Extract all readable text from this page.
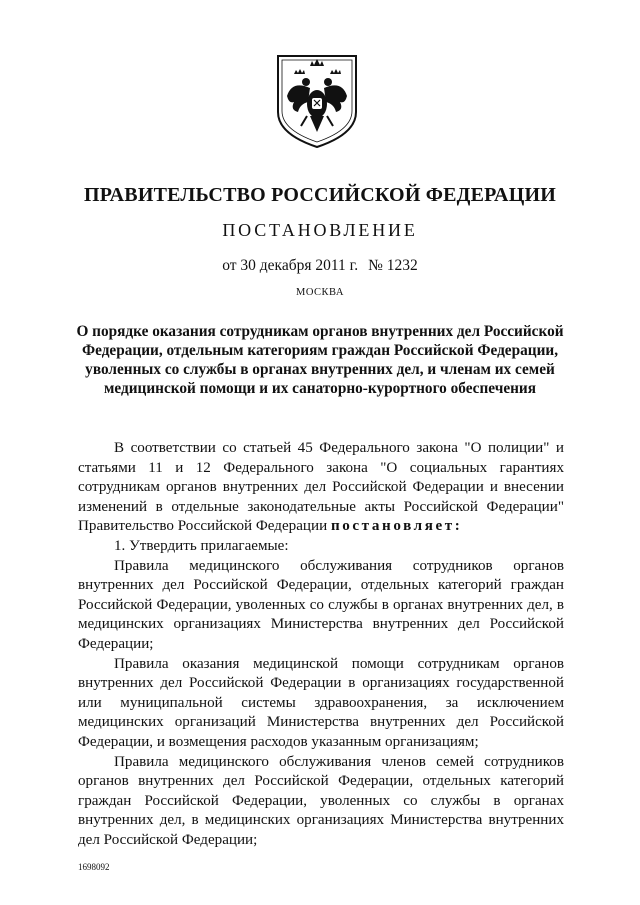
ПРАВИТЕЛЬСТВО РОССИЙСКОЙ ФЕДЕРАЦИИ
ПОСТАНОВЛЕНИЕ
от 30 декабря 2011 г. № 1232
МОСКВА
О порядке оказания сотрудникам органов внутренних дел Российской
Федерации, отдельным категориям граждан Российской Федерации,
уволенных со службы в органах внутренних дел, и членам их семей
медицинской помощи и их санаторно-курортного обеспечения

В соответствии со статьей 45 Федерального закона "О полиции" и статьями 11 и 12 Федерального закона "О социальных гарантиях сотрудникам органов внутренних дел Российской Федерации и внесении изменений в отдельные законодательные акты Российской Федерации" Правительство Российской Федерации постановляет:

1. Утвердить прилагаемые:

Правила медицинского обслуживания сотрудников органов внутренних дел Российской Федерации, отдельных категорий граждан Российской Федерации, уволенных со службы в органах внутренних дел, в медицинских организациях Министерства внутренних дел Российской Федерации;

Правила оказания медицинской помощи сотрудникам органов внутренних дел Российской Федерации в организациях государственной или муниципальной системы здравоохранения, за исключением медицинских организаций Министерства внутренних дел Российской Федерации, и возмещения расходов указанным организациям;

Правила медицинского обслуживания членов семей сотрудников органов внутренних дел Российской Федерации, отдельных категорий граждан Российской Федерации, уволенных со службы в органах внутренних дел, в медицинских организациях Министерства внутренних дел Российской Федерации;

1698092
